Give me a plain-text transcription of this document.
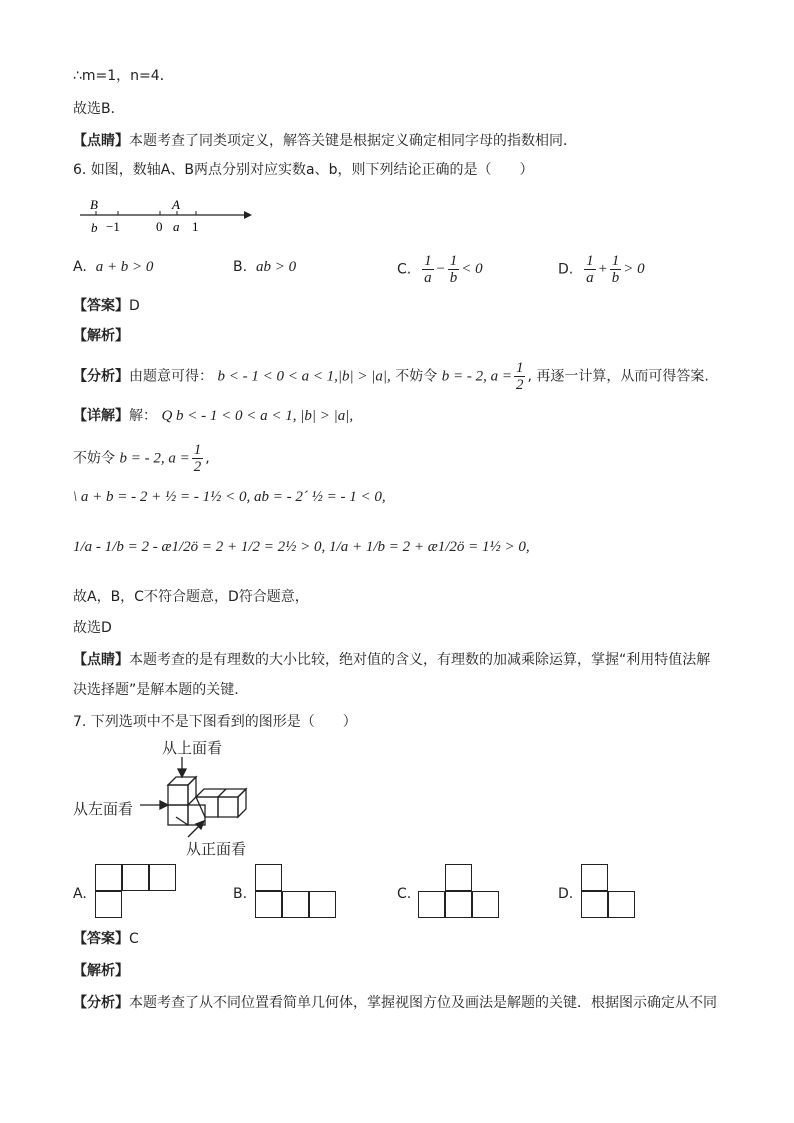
∴m=1，n=4．
故选B．
【点睛】本题考查了同类项定义，解答关键是根据定义确定相同字母的指数相同．
6. 如图，数轴A、B两点分别对应实数a、b，则下列结论正确的是（　　）
B	A
b −1	0 a 1
A. a + b > 0	B. ab > 0	C. $\frac{1}{a} - \frac{1}{b} < 0$	D. $\frac{1}{a} + \frac{1}{b} > 0$
【答案】D
【解析】
【分析】由题意可得： b < - 1 < 0 < a < 1,|b| > |a|, 不妨令 b = - 2, $a = \frac{1}{2}$ , 再逐一计算，从而可得答案.
【详解】解： Q b < - 1 < 0 < a < 1, |b| > |a|,
不妨令 b = - 2, $a = \frac{1}{2}$ ,
\ a + b = - 2 + ½ = - 1½ < 0, ab = - 2´ ½ = - 1 < 0,
1/a - 1/b = 2 - æ1/2ö = 2 + 1/2 = 2½ > 0, 1/a + 1/b = 2 + æ1/2ö = 1½ > 0,
故A，B，C不符合题意，D符合题意，
故选D
【点睛】本题考查的是有理数的大小比较，绝对值的含义，有理数的加减乘除运算，掌握“利用特值法解
决选择题”是解本题的关键.
7. 下列选项中不是下图看到的图形是（　　）
从上面看
从左面看
从正面看
A.	B.	C.	D.
【答案】C
【解析】
【分析】本题考查了从不同位置看简单几何体，掌握视图方位及画法是解题的关键．根据图示确定从不同
